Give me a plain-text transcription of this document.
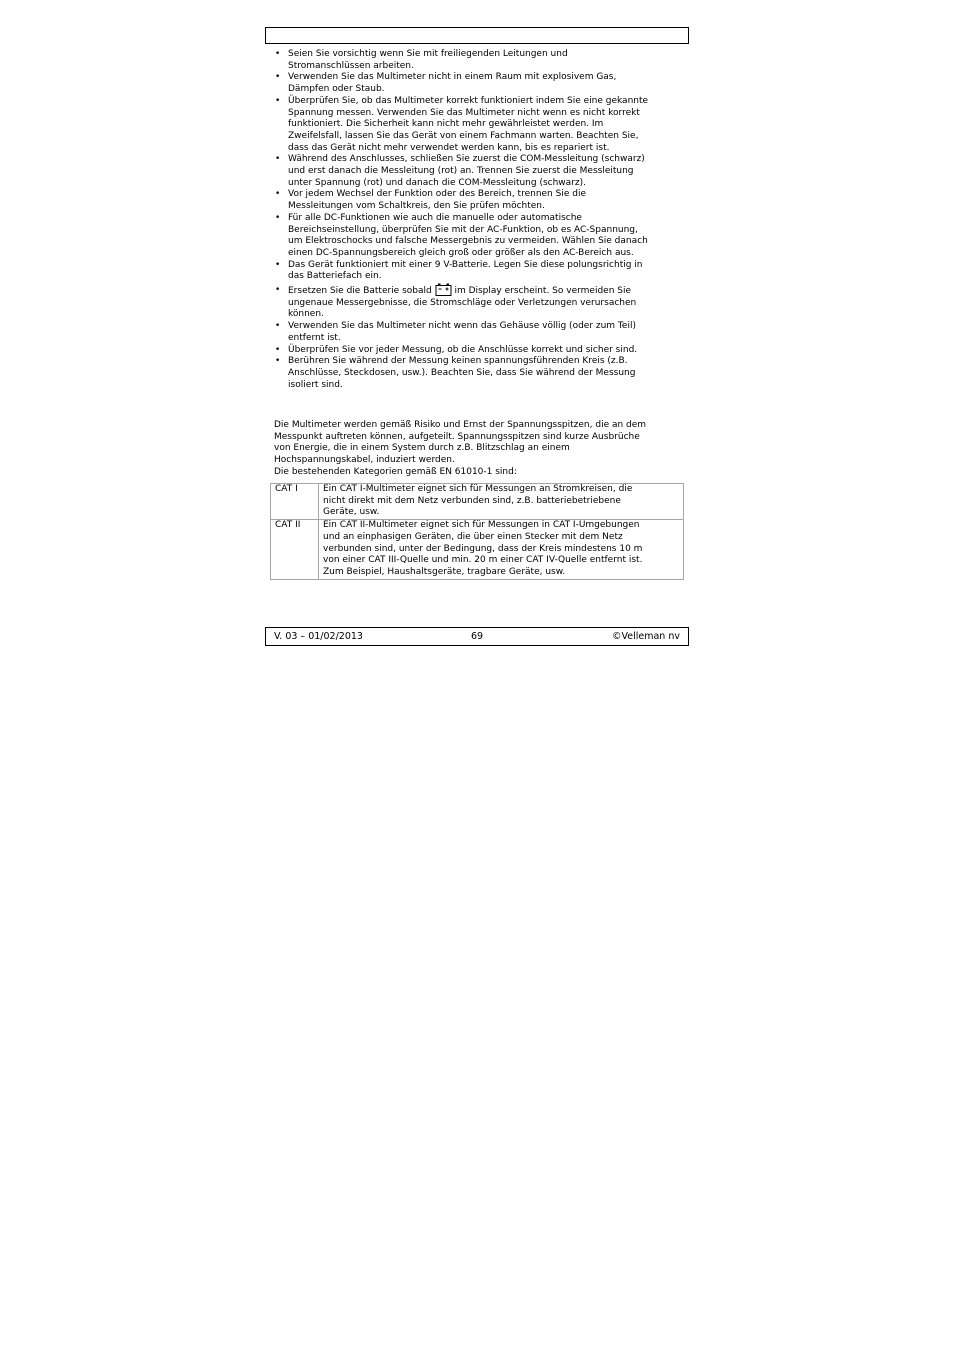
• Seien Sie vorsichtig wenn Sie mit freiliegenden Leitungen und
Stromanschlüssen arbeiten.
• Verwenden Sie das Multimeter nicht in einem Raum mit explosivem Gas,
Dämpfen oder Staub.
• Überprüfen Sie, ob das Multimeter korrekt funktioniert indem Sie eine gekannte
Spannung messen. Verwenden Sie das Multimeter nicht wenn es nicht korrekt
funktioniert. Die Sicherheit kann nicht mehr gewährleistet werden. Im
Zweifelsfall, lassen Sie das Gerät von einem Fachmann warten. Beachten Sie,
dass das Gerät nicht mehr verwendet werden kann, bis es repariert ist.
• Während des Anschlusses, schließen Sie zuerst die COM-Messleitung (schwarz)
und erst danach die Messleitung (rot) an. Trennen Sie zuerst die Messleitung
unter Spannung (rot) und danach die COM-Messleitung (schwarz).
• Vor jedem Wechsel der Funktion oder des Bereich, trennen Sie die
Messleitungen vom Schaltkreis, den Sie prüfen möchten.
• Für alle DC-Funktionen wie auch die manuelle oder automatische
Bereichseinstellung, überprüfen Sie mit der AC-Funktion, ob es AC-Spannung,
um Elektroschocks und falsche Messergebnis zu vermeiden. Wählen Sie danach
einen DC-Spannungsbereich gleich groß oder größer als den AC-Bereich aus.
• Das Gerät funktioniert mit einer 9 V-Batterie. Legen Sie diese polungsrichtig in
das Batteriefach ein.
• Ersetzen Sie die Batterie sobald
im Display erscheint. So vermeiden Sie
ungenaue Messergebnisse, die Stromschläge oder Verletzungen verursachen
können.
• Verwenden Sie das Multimeter nicht wenn das Gehäuse völlig (oder zum Teil)
entfernt ist.
• Überprüfen Sie vor jeder Messung, ob die Anschlüsse korrekt und sicher sind.
• Berühren Sie während der Messung keinen spannungsführenden Kreis (z.B.
Anschlüsse, Steckdosen, usw.). Beachten Sie, dass Sie während der Messung
isoliert sind.

Die Multimeter werden gemäß Risiko und Ernst der Spannungsspitzen, die an dem
Messpunkt auftreten können, aufgeteilt. Spannungsspitzen sind kurze Ausbrüche
von Energie, die in einem System durch z.B. Blitzschlag an einem
Hochspannungskabel, induziert werden.
Die bestehenden Kategorien gemäß EN 61010-1 sind:

CAT I	Ein CAT I-Multimeter eignet sich für Messungen an Stromkreisen, die
nicht direkt mit dem Netz verbunden sind, z.B. batteriebetriebene
Geräte, usw.
CAT II	Ein CAT II-Multimeter eignet sich für Messungen in CAT I-Umgebungen
und an einphasigen Geräten, die über einen Stecker mit dem Netz
verbunden sind, unter der Bedingung, dass der Kreis mindestens 10 m
von einer CAT III-Quelle und min. 20 m einer CAT IV-Quelle entfernt ist.
Zum Beispiel, Haushaltsgeräte, tragbare Geräte, usw.
V. 03 – 01/02/2013	69	©Velleman nv
